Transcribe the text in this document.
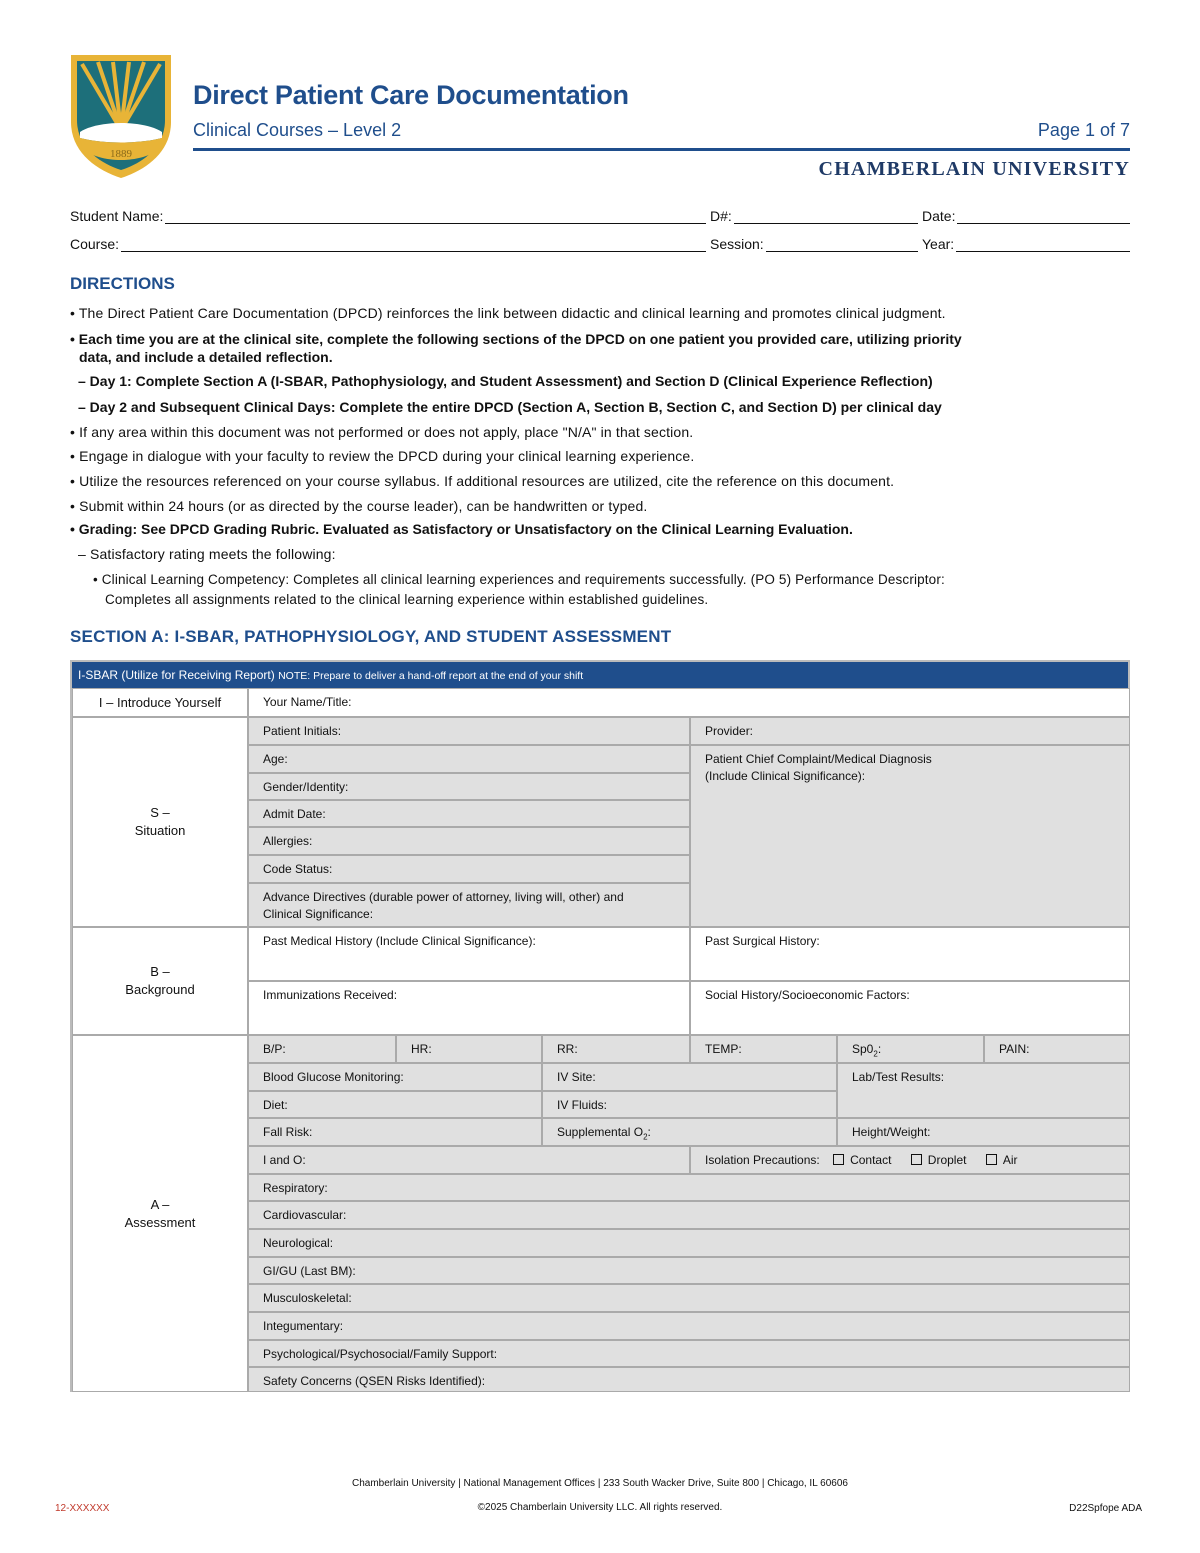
1889
Direct Patient Care Documentation
Clinical Courses – Level 2	Page 1 of 7
CHAMBERLAIN UNIVERSITY
Student Name:	D#:	Date:
Course:	Session:	Year:
DIRECTIONS
• The Direct Patient Care Documentation (DPCD) reinforces the link between didactic and clinical learning and promotes clinical judgment.
• Each time you are at the clinical site, complete the following sections of the DPCD on one patient you provided care, utilizing priority
data, and include a detailed reflection.
– Day 1: Complete Section A (I-SBAR, Pathophysiology, and Student Assessment) and Section D (Clinical Experience Reflection)
– Day 2 and Subsequent Clinical Days: Complete the entire DPCD (Section A, Section B, Section C, and Section D) per clinical day
• If any area within this document was not performed or does not apply, place "N/A" in that section.
• Engage in dialogue with your faculty to review the DPCD during your clinical learning experience.
• Utilize the resources referenced on your course syllabus. If additional resources are utilized, cite the reference on this document.
• Submit within 24 hours (or as directed by the course leader), can be handwritten or typed.
• Grading: See DPCD Grading Rubric. Evaluated as Satisfactory or Unsatisfactory on the Clinical Learning Evaluation.
– Satisfactory rating meets the following:
• Clinical Learning Competency: Completes all clinical learning experiences and requirements successfully. (PO 5) Performance Descriptor:
Completes all assignments related to the clinical learning experience within established guidelines.
SECTION A: I-SBAR, PATHOPHYSIOLOGY, AND STUDENT ASSESSMENT
I-SBAR (Utilize for Receiving Report) NOTE: Prepare to deliver a hand-off report at the end of your shift
I – Introduce Yourself	Your Name/Title:
S –
Situation
Patient Initials:	Provider:
Age:	Patient Chief Complaint/Medical Diagnosis
(Include Clinical Significance):
Gender/Identity:
Admit Date:
Allergies:
Code Status:
Advance Directives (durable power of attorney, living will, other) and
Clinical Significance:
B –
Background
Past Medical History (Include Clinical Significance):	Past Surgical History:
Immunizations Received:	Social History/Socioeconomic Factors:
A –
Assessment
B/P:	HR:	RR:	TEMP:	$Sp0_2$:	PAIN:
Blood Glucose Monitoring:	IV Site:	Lab/Test Results:
Diet:	IV Fluids:
Fall Risk:	Supplemental $O_2$:	Height/Weight:
I and O:	Isolation Precautions:	Contact	Droplet	Air
Respiratory:
Cardiovascular:
Neurological:
GI/GU (Last BM):
Musculoskeletal:
Integumentary:
Psychological/Psychosocial/Family Support:
Safety Concerns (QSEN Risks Identified):
Chamberlain University | National Management Offices | 233 South Wacker Drive, Suite 800 | Chicago, IL 60606
©2025 Chamberlain University LLC. All rights reserved.
12-XXXXXX	D22Spfope ADA
